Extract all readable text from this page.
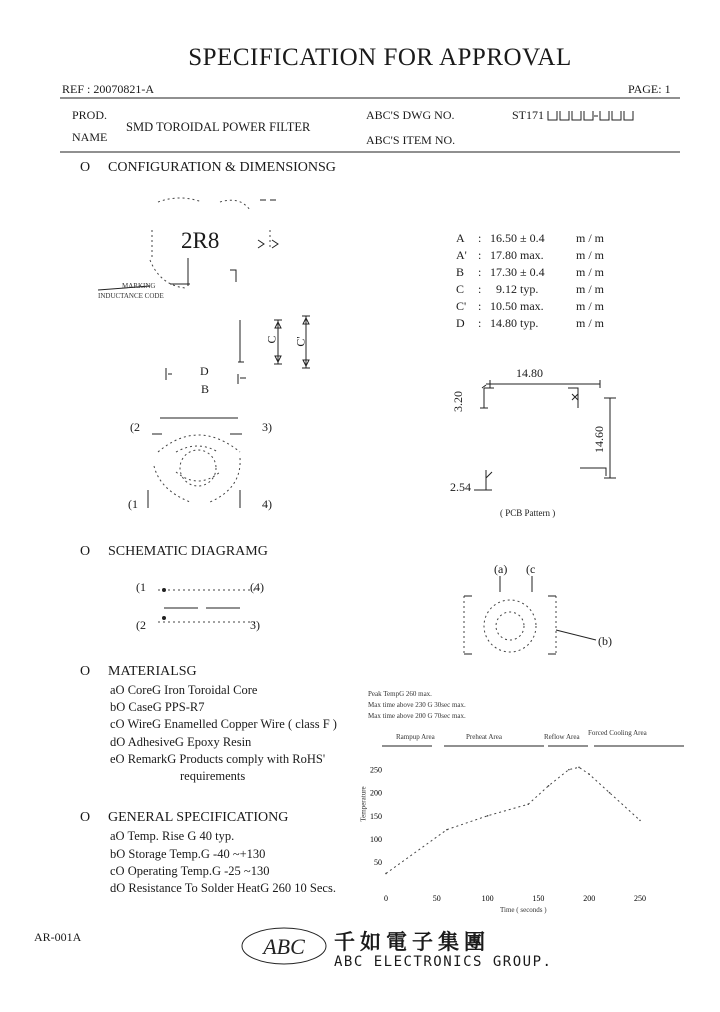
SPECIFICATION FOR APPROVAL
REF : 20070821-A	PAGE: 1
PROD.
NAME
SMD TOROIDAL POWER FILTER
ABC'S DWG NO.
ABC'S ITEM NO.
ST171
O CONFIGURATION & DIMENSIONSG
2R8
MARKING
INDUCTANCE CODE
C C'
D
B
(2	3)
(1	4)
A : 16.50 ± 0.4	m / m
A' : 17.80 max.	m / m
B : 17.30 ± 0.4	m / m
C : 9.12 typ.	m / m
C' : 10.50 max.	m / m
D : 14.80 typ.	m / m
14.80
3.20
14.60
2.54
( PCB Pattern )
O SCHEMATIC DIAGRAMG
(1	(4)
(2	3)
(a) (c
(b)
O MATERIALSG
aO CoreG Iron Toroidal Core
bO CaseG PPS-R7
cO WireG Enamelled Copper Wire ( class F )
dO AdhesiveG Epoxy Resin
eO RemarkG Products comply with RoHS'
requirements
O GENERAL SPECIFICATIONG
aO Temp. Rise G 40 typ.
bO Storage Temp.G -40 ~+130
cO Operating Temp.G -25 ~130
dO Resistance To Solder HeatG 260 10 Secs.
Peak TempG 260 max.
Max time above 230 G 30sec max.
Max time above 200 G 70sec max.
Rampup Area	Preheat Area	Reflow Area Forced Cooling Area
0	50	100	150	200	250
50
100
150
200
250
Temperature
Time ( seconds )
AR-001A	ABC 千如電子集團
ABC ELECTRONICS GROUP.
